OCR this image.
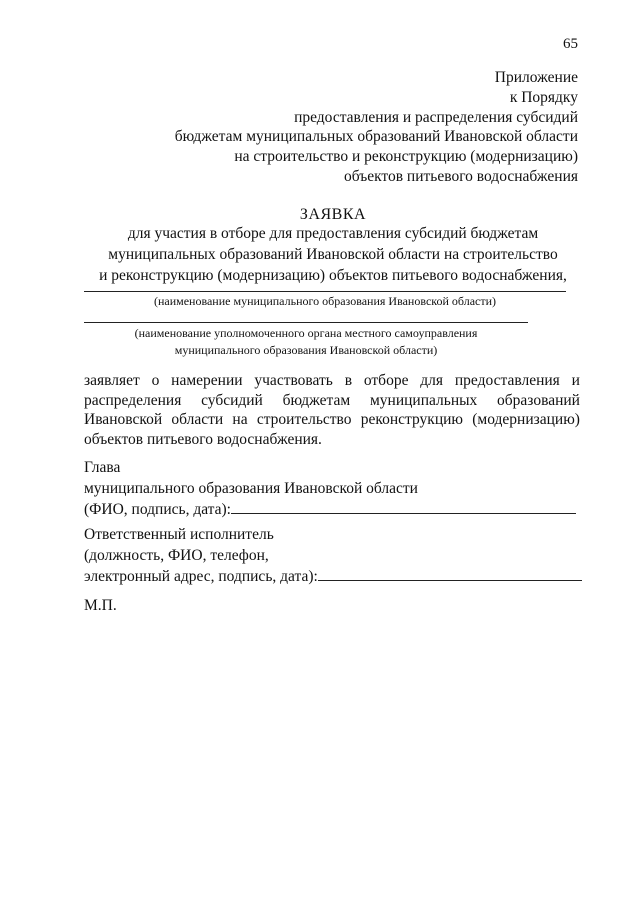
65
Приложение
к Порядку
предоставления и распределения субсидий
бюджетам муниципальных образований Ивановской области
на строительство и реконструкцию (модернизацию)
объектов питьевого водоснабжения
ЗАЯВКА
для участия в отборе для предоставления субсидий бюджетам
муниципальных образований Ивановской области на строительство
и реконструкцию (модернизацию) объектов питьевого водоснабжения,
(наименование муниципального образования Ивановской области)
(наименование уполномоченного органа местного самоуправления
муниципального образования Ивановской области)
заявляет о намерении участвовать в отборе для предоставления и
распределения субсидий бюджетам муниципальных образований
Ивановской области на строительство реконструкцию (модернизацию)
объектов питьевого водоснабжения.
Глава
муниципального образования Ивановской области
(ФИО, подпись, дата):
Ответственный исполнитель
(должность, ФИО, телефон,
электронный адрес, подпись, дата):
М.П.
